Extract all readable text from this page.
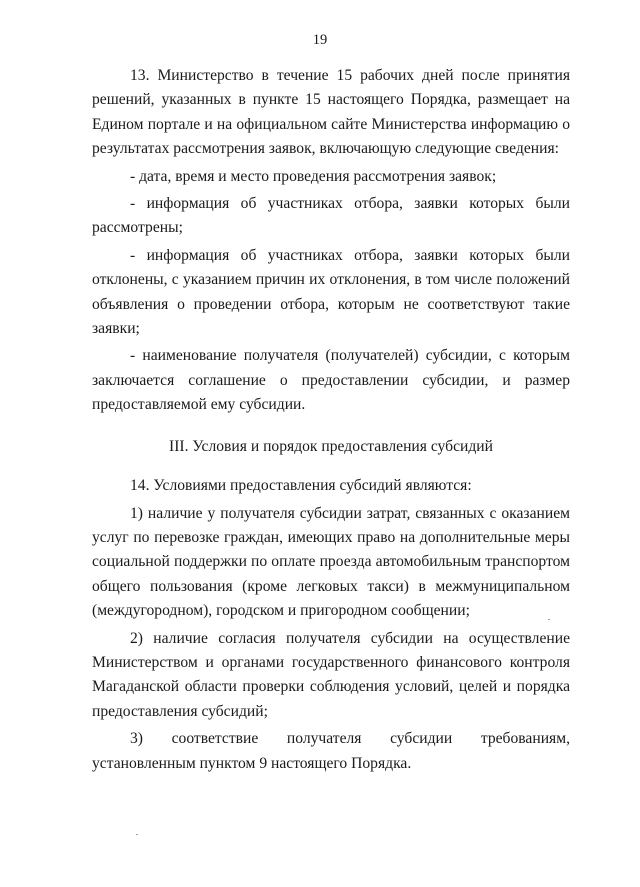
19

13. Министерство в течение 15 рабочих дней после принятия решений, указанных в пункте 15 настоящего Порядка, размещает на Едином портале и на официальном сайте Министерства информацию о результатах рассмотрения заявок, включающую следующие сведения:

- дата, время и место проведения рассмотрения заявок;

- информация об участниках отбора, заявки которых были рассмотрены;

- информация об участниках отбора, заявки которых были отклонены, с указанием причин их отклонения, в том числе положений объявления о проведении отбора, которым не соответствуют такие заявки;

- наименование получателя (получателей) субсидии, с которым заключается соглашение о предоставлении субсидии, и размер предоставляемой ему субсидии.

III. Условия и порядок предоставления субсидий

14. Условиями предоставления субсидий являются:

1) наличие у получателя субсидии затрат, связанных с оказанием услуг по перевозке граждан, имеющих право на дополнительные меры социальной поддержки по оплате проезда автомобильным транспортом общего пользования (кроме легковых такси) в межмуниципальном (междугородном), городском и пригородном сообщении;

2) наличие согласия получателя субсидии на осуществление Министерством и органами государственного финансового контроля Магаданской области проверки соблюдения условий, целей и порядка предоставления субсидий;

3) соответствие получателя субсидии требованиям, установленным пунктом 9 настоящего Порядка.
